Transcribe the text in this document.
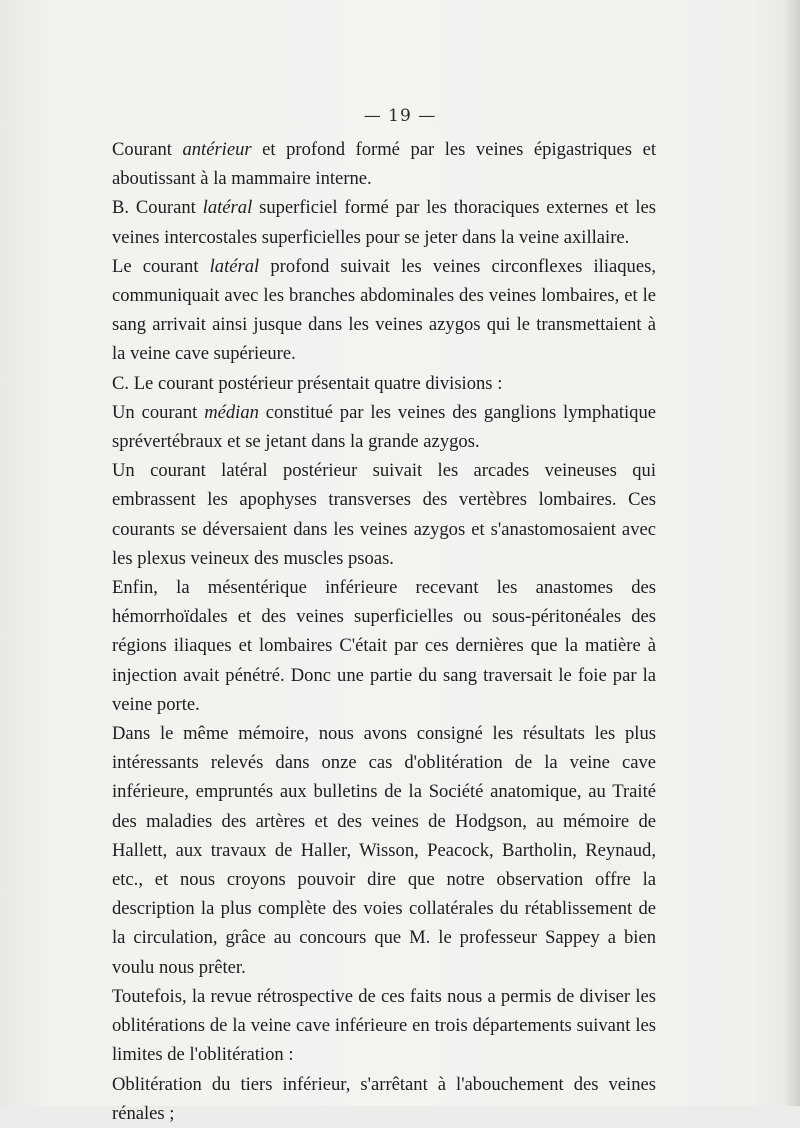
— 19 —

Courant antérieur et profond formé par les veines épigastriques et aboutissant à la mammaire interne.

B. Courant latéral superficiel formé par les thoraciques externes et les veines intercostales superficielles pour se jeter dans la veine axillaire.

Le courant latéral profond suivait les veines circonflexes iliaques, communiquait avec les branches abdominales des veines lombaires, et le sang arrivait ainsi jusque dans les veines azygos qui le transmettaient à la veine cave supérieure.

C. Le courant postérieur présentait quatre divisions :

Un courant médian constitué par les veines des ganglions lymphatique sprévertébraux et se jetant dans la grande azygos.

Un courant latéral postérieur suivait les arcades veineuses qui embrassent les apophyses transverses des vertèbres lombaires. Ces courants se déversaient dans les veines azygos et s'anastomosaient avec les plexus veineux des muscles psoas.

Enfin, la mésentérique inférieure recevant les anastomes des hémorrhoïdales et des veines superficielles ou sous-péritonéales des régions iliaques et lombaires C'était par ces dernières que la matière à injection avait pénétré. Donc une partie du sang traversait le foie par la veine porte.

Dans le même mémoire, nous avons consigné les résultats les plus intéressants relevés dans onze cas d'oblitération de la veine cave inférieure, empruntés aux bulletins de la Société anatomique, au Traité des maladies des artères et des veines de Hodgson, au mémoire de Hallett, aux travaux de Haller, Wisson, Peacock, Bartholin, Reynaud, etc., et nous croyons pouvoir dire que notre observation offre la description la plus complète des voies collatérales du rétablissement de la circulation, grâce au concours que M. le professeur Sappey a bien voulu nous prêter.

Toutefois, la revue rétrospective de ces faits nous a permis de diviser les oblitérations de la veine cave inférieure en trois départements suivant les limites de l'oblitération :

Oblitération du tiers inférieur, s'arrêtant à l'abouchement des veines rénales ;
